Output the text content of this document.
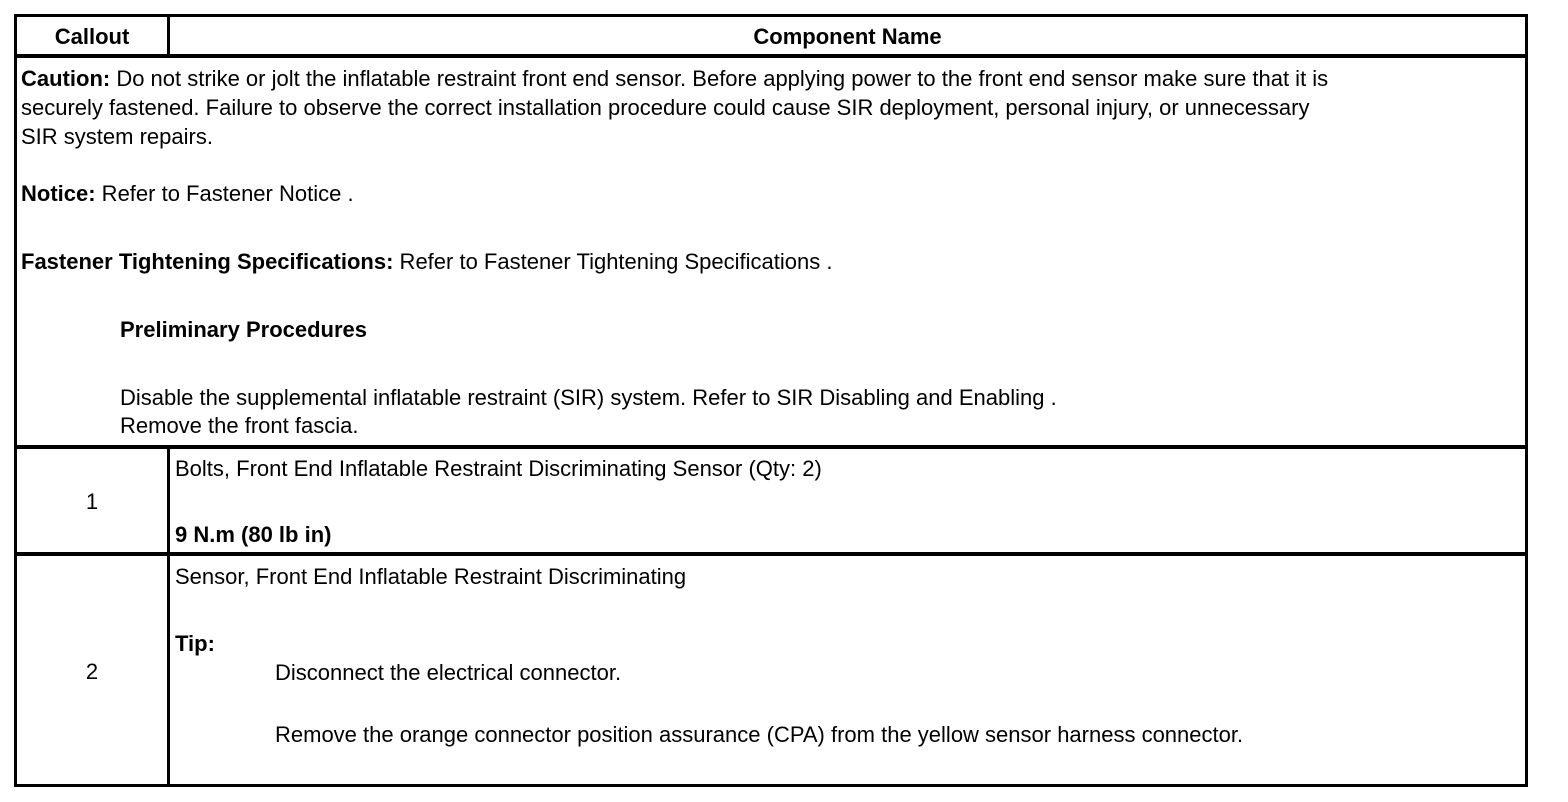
Callout	Component Name
Caution: Do not strike or jolt the inflatable restraint front end sensor. Before applying power to the front end sensor make sure that it is
securely fastened. Failure to observe the correct installation procedure could cause SIR deployment, personal injury, or unnecessary
SIR system repairs.
Notice: Refer to Fastener Notice .
Fastener Tightening Specifications: Refer to Fastener Tightening Specifications .
Preliminary Procedures
Disable the supplemental inflatable restraint (SIR) system. Refer to SIR Disabling and Enabling .
Remove the front fascia.
1
Bolts, Front End Inflatable Restraint Discriminating Sensor (Qty: 2)
9 N.m (80 lb in)
2
Sensor, Front End Inflatable Restraint Discriminating
Tip:
Disconnect the electrical connector.
Remove the orange connector position assurance (CPA) from the yellow sensor harness connector.
